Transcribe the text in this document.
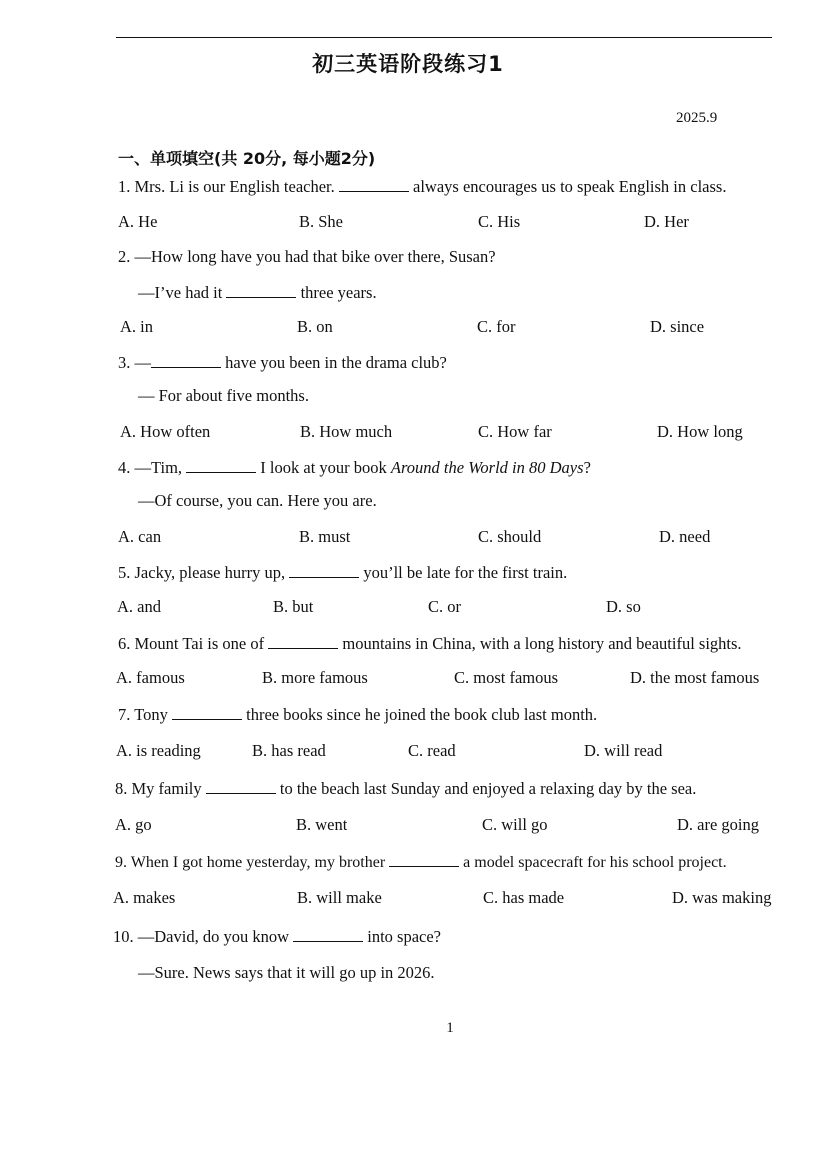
初三英语阶段练习1
2025.9
一、单项填空(共 20分, 每小题2分)
1. Mrs. Li is our English teacher.	always encourages us to speak English in class.
A. He	B. She	C. His	D. Her
2. —How long have you had that bike over there, Susan?
—I’ve had it	three years.
A. in	B. on	C. for	D. since
3. —	have you been in the drama club?
— For about five months.
A. How often	B. How much	C. How far	D. How long
4. —Tim,	I look at your book Around the World in 80 Days?
—Of course, you can. Here you are.
A. can	B. must	C. should	D. need
5. Jacky, please hurry up,	you’ll be late for the first train.
A. and	B. but	C. or	D. so
6. Mount Tai is one of	mountains in China, with a long history and beautiful sights.
A. famous	B. more famous	C. most famous	D. the most famous
7. Tony	three books since he joined the book club last month.
A. is reading	B. has read	C. read	D. will read
8. My family	to the beach last Sunday and enjoyed a relaxing day by the sea.
A. go	B. went	C. will go	D. are going
9. When I got home yesterday, my brother	a model spacecraft for his school project.
A. makes	B. will make	C. has made	D. was making
10. —David, do you know	into space?
—Sure. News says that it will go up in 2026.
1
